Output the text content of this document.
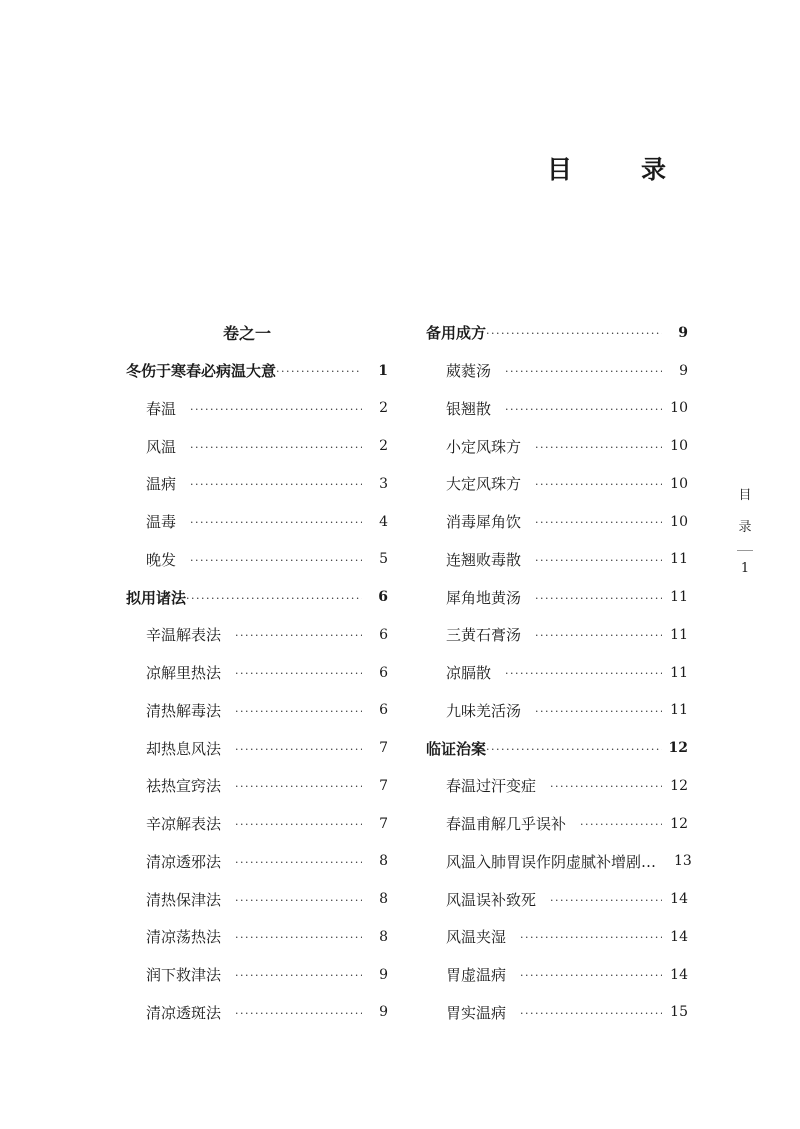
目　录
卷之一
冬伤于寒春必病温大意 ·····	1
春温 ·····	2
风温 ·····	2
温病 ·····	3
温毒 ·····	4
晚发 ·····	5
拟用诸法 ·····	6
辛温解表法 ·····	6
凉解里热法 ·····	6
清热解毒法 ·····	6
却热息风法 ·····	7
祛热宣窍法 ·····	7
辛凉解表法 ·····	7
清凉透邪法 ·····	8
清热保津法 ·····	8
清凉荡热法 ·····	8
润下救津法 ·····	9
清凉透斑法 ·····	9
备用成方 ·····	9
葳蕤汤 ·····	9
银翘散 ·····	10
小定风珠方 ·····	10
大定风珠方 ·····	10
消毒犀角饮 ·····	10
连翘败毒散 ·····	11
犀角地黄汤 ·····	11
三黄石膏汤 ·····	11
凉膈散 ·····	11
九味羌活汤 ·····	11
临证治案 ·····	12
春温过汗变症 ·····	12
春温甫解几乎误补 ·····	12
风温入肺胃误作阴虚腻补增剧… 13
风温误补致死 ·····	14
风温夹湿 ·····	14
胃虚温病 ·····	14
胃实温病 ·····	15
目
录
1
